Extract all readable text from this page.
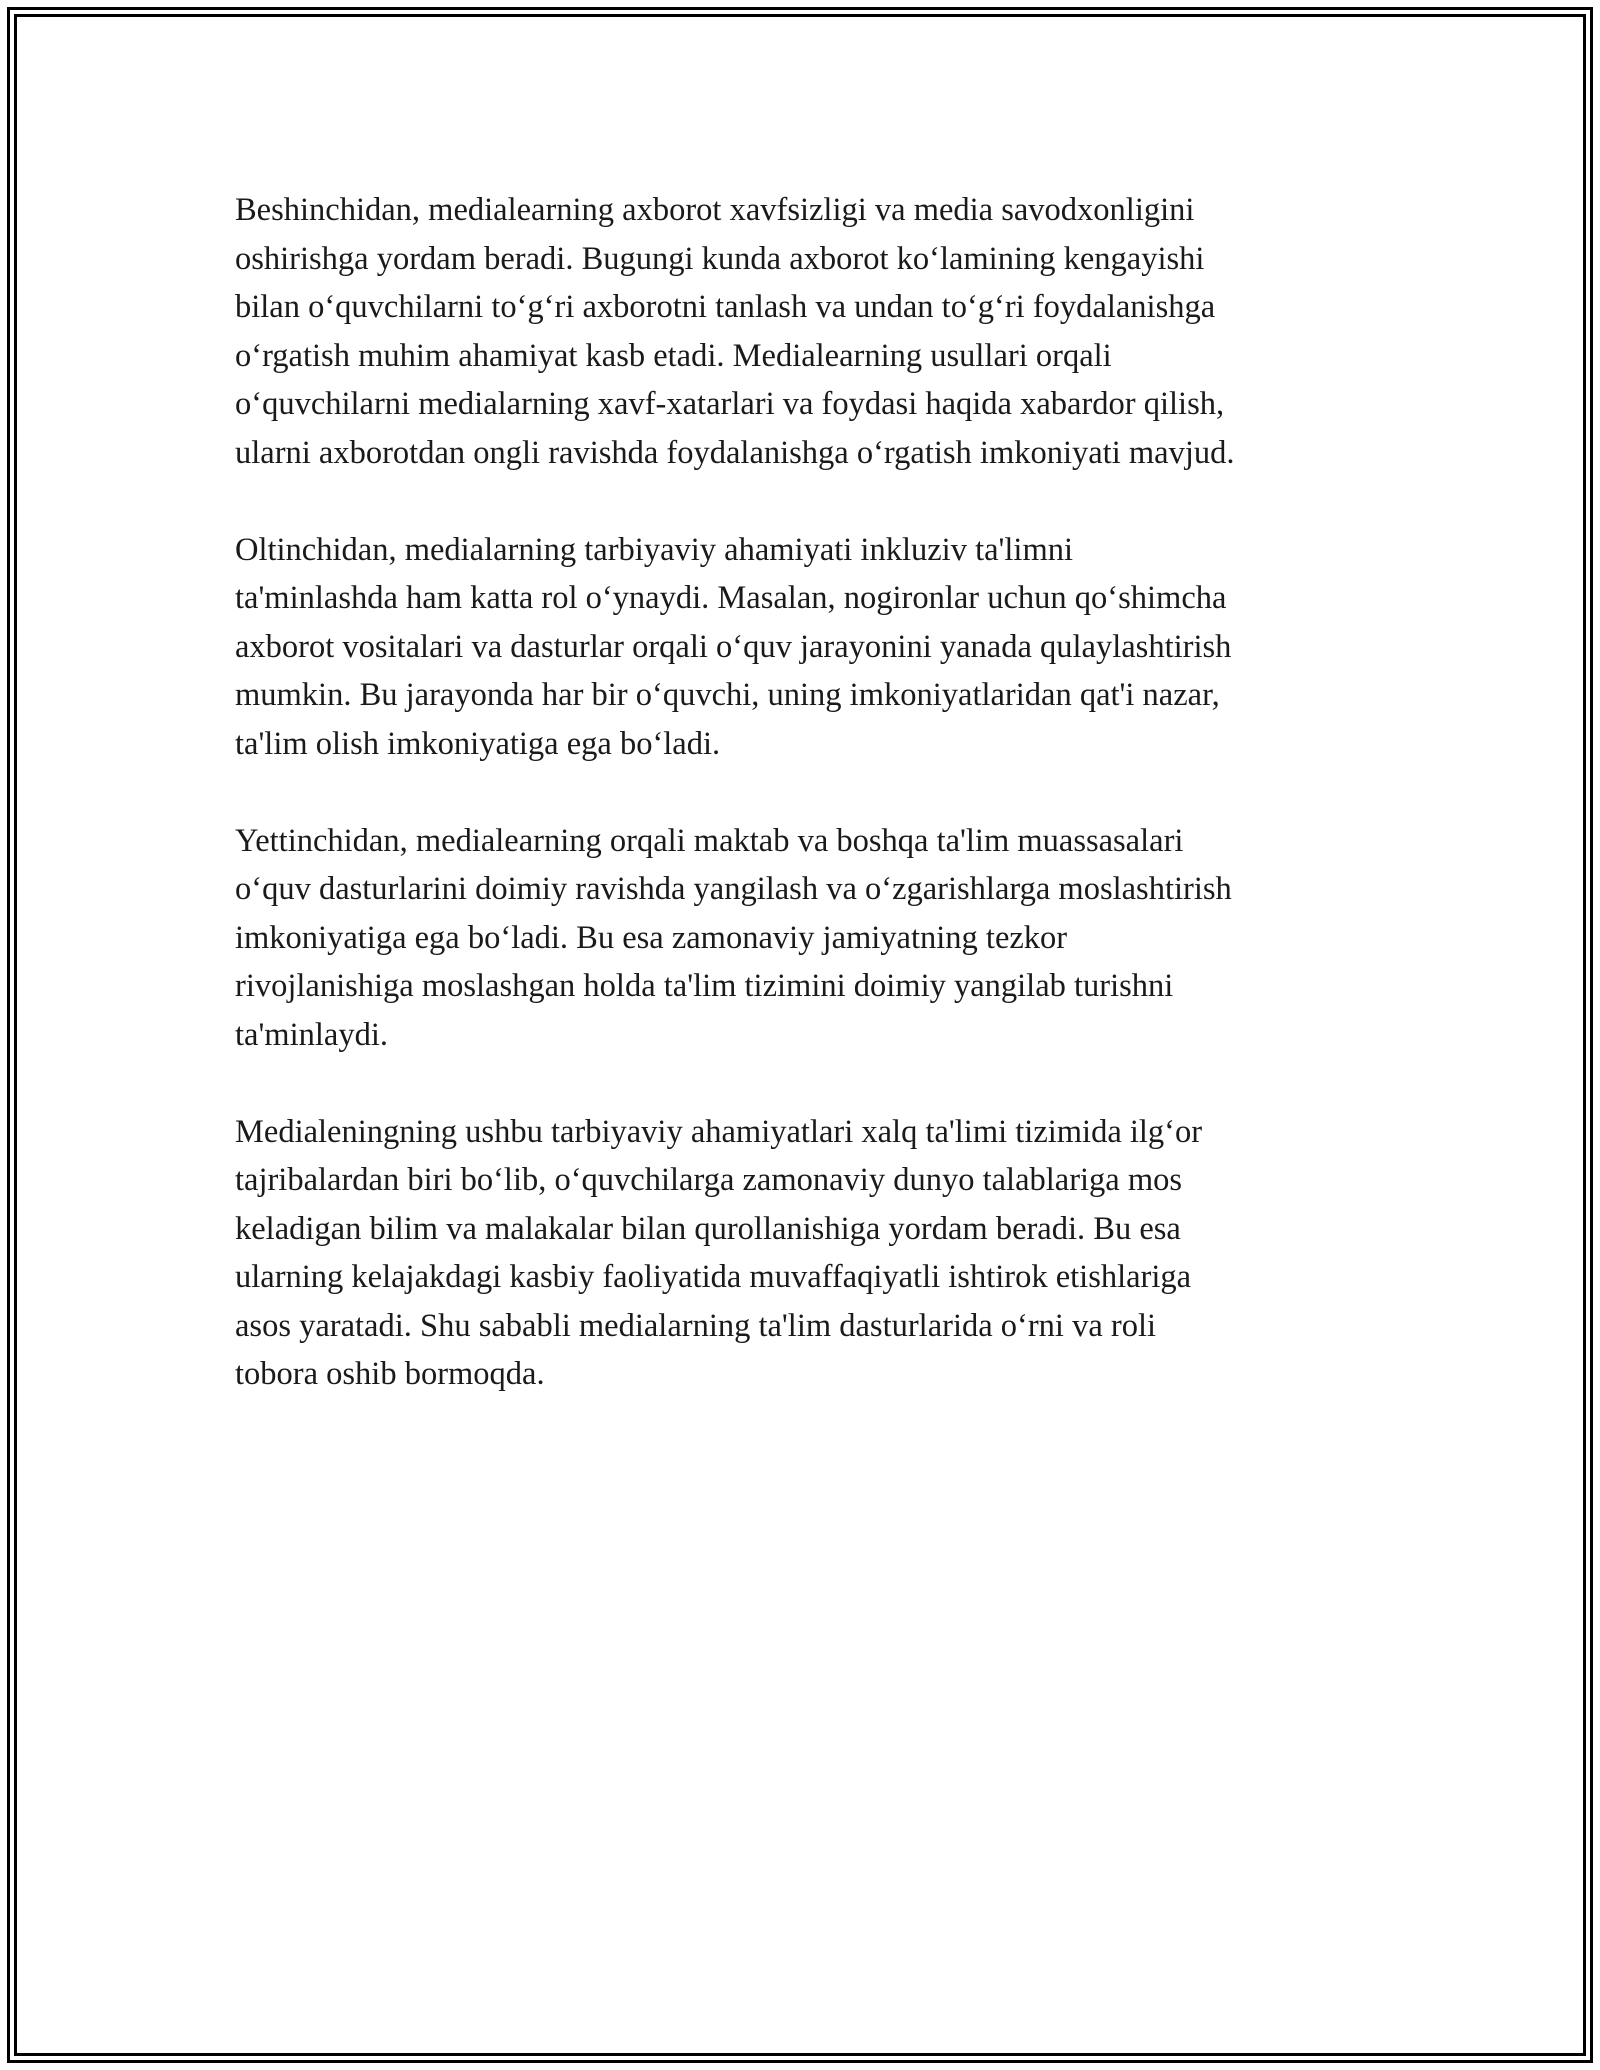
Beshinchidan, medialearning axborot xavfsizligi va media savodxonligini
oshirishga yordam beradi. Bugungi kunda axborot ko‘lamining kengayishi
bilan o‘quvchilarni to‘g‘ri axborotni tanlash va undan to‘g‘ri foydalanishga
o‘rgatish muhim ahamiyat kasb etadi. Medialearning usullari orqali
o‘quvchilarni medialarning xavf-xatarlari va foydasi haqida xabardor qilish,
ularni axborotdan ongli ravishda foydalanishga o‘rgatish imkoniyati mavjud.

Oltinchidan, medialarning tarbiyaviy ahamiyati inkluziv ta'limni
ta'minlashda ham katta rol o‘ynaydi. Masalan, nogironlar uchun qo‘shimcha
axborot vositalari va dasturlar orqali o‘quv jarayonini yanada qulaylashtirish
mumkin. Bu jarayonda har bir o‘quvchi, uning imkoniyatlaridan qat'i nazar,
ta'lim olish imkoniyatiga ega bo‘ladi.

Yettinchidan, medialearning orqali maktab va boshqa ta'lim muassasalari
o‘quv dasturlarini doimiy ravishda yangilash va o‘zgarishlarga moslashtirish
imkoniyatiga ega bo‘ladi. Bu esa zamonaviy jamiyatning tezkor
rivojlanishiga moslashgan holda ta'lim tizimini doimiy yangilab turishni
ta'minlaydi.

Medialeningning ushbu tarbiyaviy ahamiyatlari xalq ta'limi tizimida ilg‘or
tajribalardan biri bo‘lib, o‘quvchilarga zamonaviy dunyo talablariga mos
keladigan bilim va malakalar bilan qurollanishiga yordam beradi. Bu esa
ularning kelajakdagi kasbiy faoliyatida muvaffaqiyatli ishtirok etishlariga
asos yaratadi. Shu sababli medialarning ta'lim dasturlarida o‘rni va roli
tobora oshib bormoqda.
